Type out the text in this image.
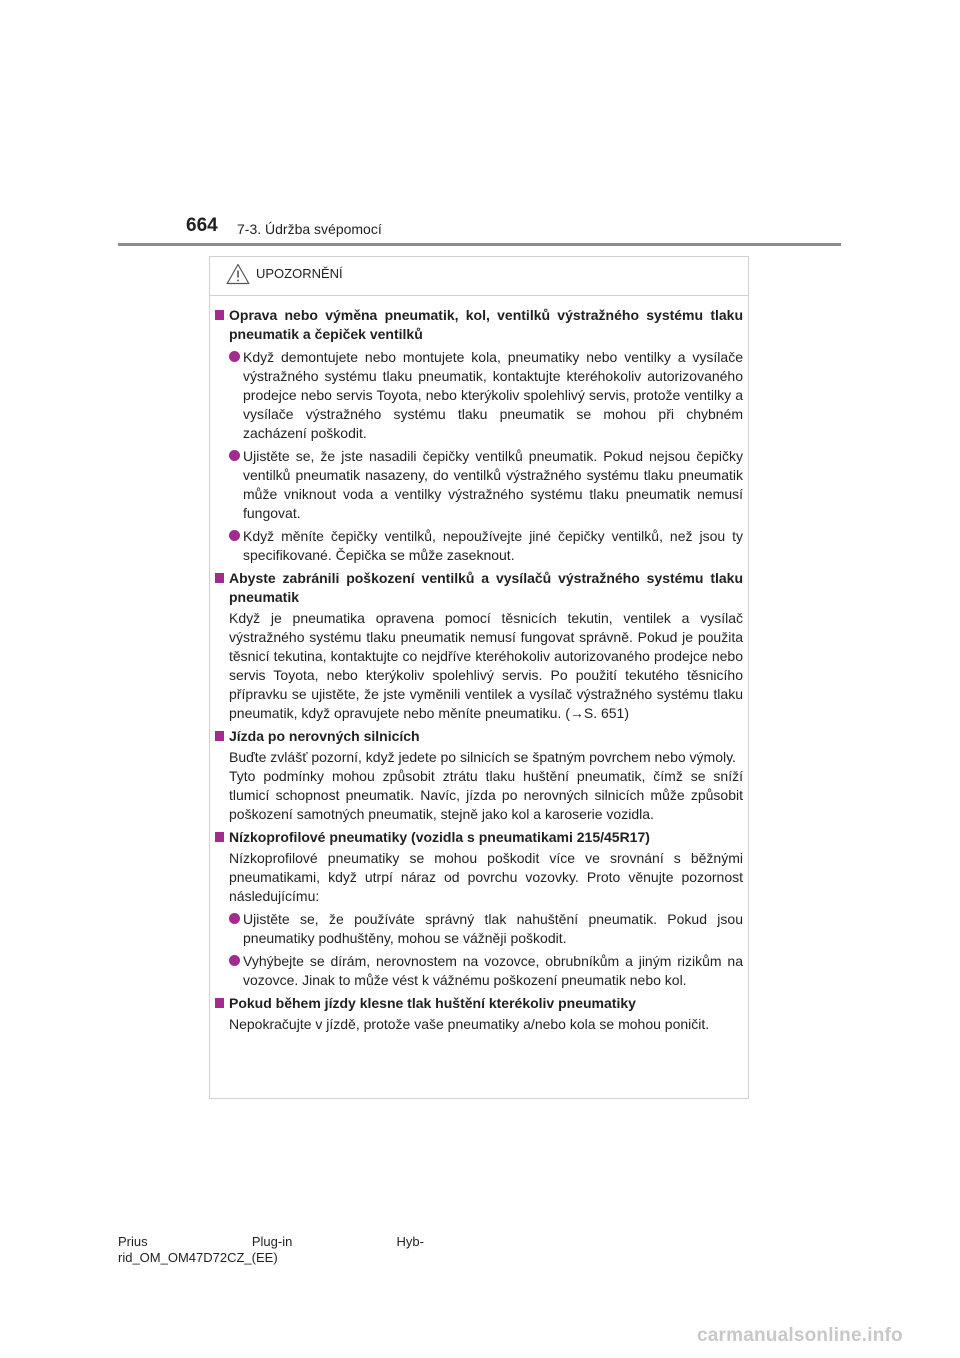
664 7-3. Údržba svépomocí
UPOZORNĚNÍ
Oprava nebo výměna pneumatik, kol, ventilků výstražného systému tlaku pneumatik a čepiček ventilků
Když demontujete nebo montujete kola, pneumatiky nebo ventilky a vysílače výstražného systému tlaku pneumatik, kontaktujte kteréhokoliv autorizovaného prodejce nebo servis Toyota, nebo kterýkoliv spolehlivý servis, protože ventilky a vysílače výstražného systému tlaku pneumatik se mohou při chybném zacházení poškodit.
Ujistěte se, že jste nasadili čepičky ventilků pneumatik. Pokud nejsou čepičky ventilků pneumatik nasazeny, do ventilků výstražného systému tlaku pneumatik může vniknout voda a ventilky výstražného systému tlaku pneumatik nemusí fungovat.
Když měníte čepičky ventilků, nepoužívejte jiné čepičky ventilků, než jsou ty specifikované. Čepička se může zaseknout.
Abyste zabránili poškození ventilků a vysílačů výstražného systému tlaku pneumatik

Když je pneumatika opravena pomocí těsnicích tekutin, ventilek a vysílač výstražného systému tlaku pneumatik nemusí fungovat správně. Pokud je použita těsnicí tekutina, kontaktujte co nejdříve kteréhokoliv autorizovaného prodejce nebo servis Toyota, nebo kterýkoliv spolehlivý servis. Po použití tekutého těsnicího přípravku se ujistěte, že jste vyměnili ventilek a vysílač výstražného systému tlaku pneumatik, když opravujete nebo měníte pneumatiku. (→S. 651)

Jízda po nerovných silnicích

Buďte zvlášť pozorní, když jedete po silnicích se špatným povrchem nebo výmoly.

Tyto podmínky mohou způsobit ztrátu tlaku huštění pneumatik, čímž se sníží tlumicí schopnost pneumatik. Navíc, jízda po nerovných silnicích může způsobit poškození samotných pneumatik, stejně jako kol a karoserie vozidla.

Nízkoprofilové pneumatiky (vozidla s pneumatikami 215/45R17)

Nízkoprofilové pneumatiky se mohou poškodit více ve srovnání s běžnými pneumatikami, když utrpí náraz od povrchu vozovky. Proto věnujte pozornost následujícímu:

Ujistěte se, že používáte správný tlak nahuštění pneumatik. Pokud jsou pneumatiky podhuštěny, mohou se vážněji poškodit.
Vyhýbejte se dírám, nerovnostem na vozovce, obrubníkům a jiným rizikům na vozovce. Jinak to může vést k vážnému poškození pneumatik nebo kol.
Pokud během jízdy klesne tlak huštění kterékoliv pneumatiky

Nepokračujte v jízdě, protože vaše pneumatiky a/nebo kola se mohou poničit.

Prius	Plug-in	Hyb-
rid_OM_OM47D72CZ_(EE)
carmanualsonline.info
